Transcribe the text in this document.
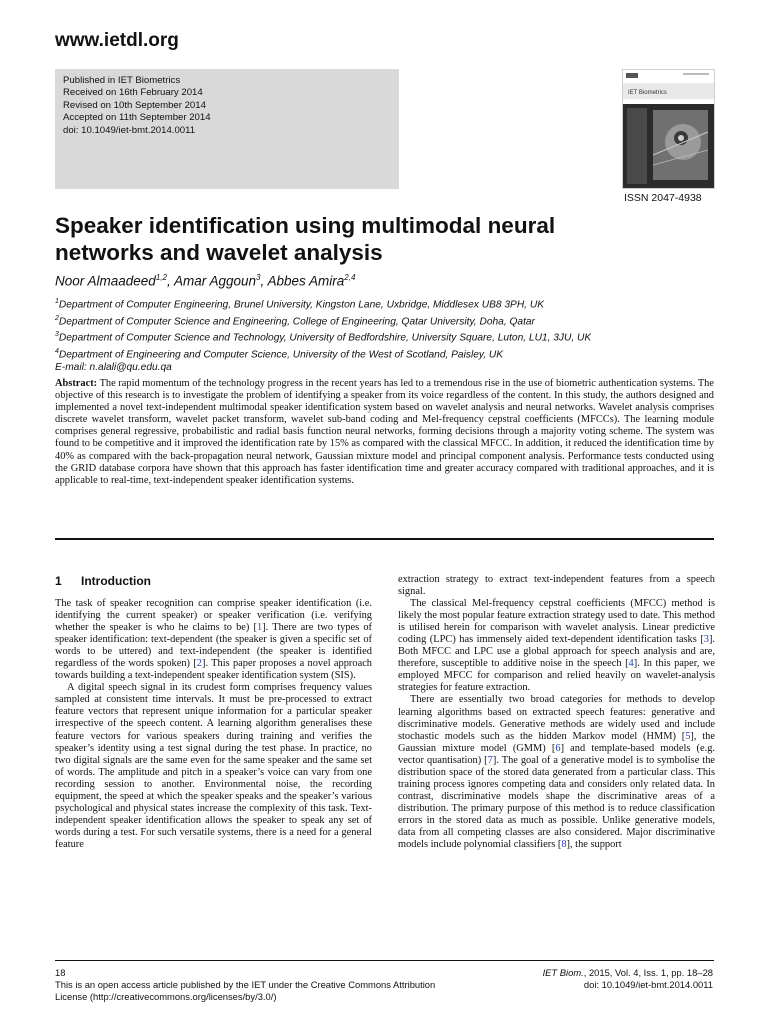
www.ietdl.org
Published in IET Biometrics
Received on 16th February 2014
Revised on 10th September 2014
Accepted on 11th September 2014
doi: 10.1049/iet-bmt.2014.0011
IET Biometrics
ISSN 2047-4938
Speaker identification using multimodal neural
networks and wavelet analysis
Noor Almaadeed$^{1,2}$, Amar Aggoun$^3$, Abbes Amira$^{2,4}$
$^1$Department of Computer Engineering, Brunel University, Kingston Lane, Uxbridge, Middlesex UB8 3PH, UK
$^2$Department of Computer Science and Engineering, College of Engineering, Qatar University, Doha, Qatar
$^3$Department of Computer Science and Technology, University of Bedfordshire, University Square, Luton, LU1, 3JU, UK
$^4$Department of Engineering and Computer Science, University of the West of Scotland, Paisley, UK
E-mail: n.alali@qu.edu.qa
Abstract: The rapid momentum of the technology progress in the recent years has led to a tremendous rise in the use of biometric authentication systems. The objective of this research is to investigate the problem of identifying a speaker from its voice regardless of the content. In this study, the authors designed and implemented a novel text-independent multimodal speaker identification system based on wavelet analysis and neural networks. Wavelet analysis comprises discrete wavelet transform, wavelet packet transform, wavelet sub-band coding and Mel-frequency cepstral coefficients (MFCCs). The learning module comprises general regressive, probabilistic and radial basis function neural networks, forming decisions through a majority voting scheme. The system was found to be competitive and it improved the identification rate by 15% as compared with the classical MFCC. In addition, it reduced the identification time by 40% as compared with the back-propagation neural network, Gaussian mixture model and principal component analysis. Performance tests conducted using the GRID database corpora have shown that this approach has faster identification time and greater accuracy compared with traditional approaches, and it is applicable to real-time, text-independent speaker identification systems.
1 Introduction

The task of speaker recognition can comprise speaker identification (i.e. identifying the current speaker) or speaker verification (i.e. verifying whether the speaker is who he claims to be) [1]. There are two types of speaker identification: text-dependent (the speaker is given a specific set of words to be uttered) and text-independent (the speaker is identified regardless of the words spoken) [2]. This paper proposes a novel approach towards building a text-independent speaker identification system (SIS).

A digital speech signal in its crudest form comprises frequency values sampled at consistent time intervals. It must be pre-processed to extract feature vectors that represent unique information for a particular speaker irrespective of the speech content. A learning algorithm generalises these feature vectors for various speakers during training and verifies the speaker’s identity using a test signal during the test phase. In practice, no two digital signals are the same even for the same speaker and the same set of words. The amplitude and pitch in a speaker’s voice can vary from one recording session to another. Environmental noise, the recording equipment, the speed at which the speaker speaks and the speaker’s various psychological and physical states increase the complexity of this task. Text-independent speaker identification allows the speaker to speak any set of words during a test. For such versatile systems, there is a need for a general feature

extraction strategy to extract text-independent features from a speech signal.

The classical Mel-frequency cepstral coefficients (MFCC) method is likely the most popular feature extraction strategy used to date. This method is utilised herein for comparison with wavelet analysis. Linear predictive coding (LPC) has immensely aided text-dependent identification tasks [3]. Both MFCC and LPC use a global approach for speech analysis and are, therefore, susceptible to additive noise in the speech [4]. In this paper, we employed MFCC for comparison and relied heavily on wavelet-analysis strategies for feature extraction.

There are essentially two broad categories for methods to develop learning algorithms based on extracted speech features: generative and discriminative models. Generative methods are widely used and include stochastic models such as the hidden Markov model (HMM) [5], the Gaussian mixture model (GMM) [6] and template-based models (e.g. vector quantisation) [7]. The goal of a generative model is to symbolise the distribution space of the stored data generated from a particular class. This training process ignores competing data and considers only related data. In contrast, discriminative models shape the discriminative areas of a distribution. The primary purpose of this method is to reduce classification errors in the stored data as much as possible. Unlike generative models, data from all competing classes are also considered. Major discriminative models include polynomial classifiers [8], the support

18
This is an open access article published by the IET under the Creative Commons Attribution
License (http://creativecommons.org/licenses/by/3.0/)
IET Biom., 2015, Vol. 4, Iss. 1, pp. 18–28
doi: 10.1049/iet-bmt.2014.0011
